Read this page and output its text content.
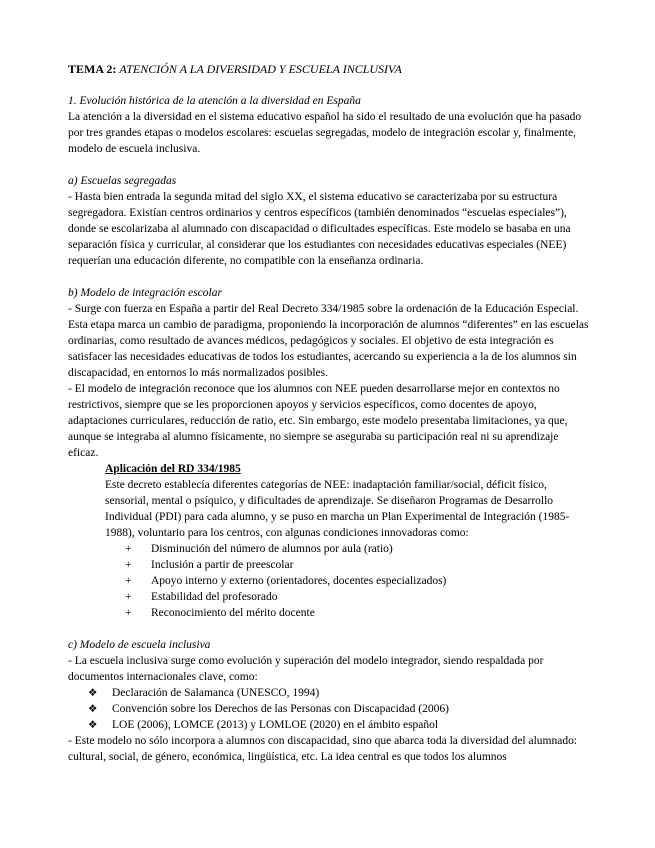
TEMA 2: ATENCIÓN A LA DIVERSIDAD Y ESCUELA INCLUSIVA

1. Evolución histórica de la atención a la diversidad en España

La atención a la diversidad en el sistema educativo español ha sido el resultado de una evolución que ha pasado por tres grandes etapas o modelos escolares: escuelas segregadas, modelo de integración escolar y, finalmente, modelo de escuela inclusiva.

a) Escuelas segregadas

- Hasta bien entrada la segunda mitad del siglo XX, el sistema educativo se caracterizaba por su estructura segregadora. Existían centros ordinarios y centros específicos (también denominados “escuelas especiales”), donde se escolarizaba al alumnado con discapacidad o dificultades específicas. Este modelo se basaba en una separación física y curricular, al considerar que los estudiantes con necesidades educativas especiales (NEE) requerían una educación diferente, no compatible con la enseñanza ordinaria.

b) Modelo de integración escolar

- Surge con fuerza en España a partir del Real Decreto 334/1985 sobre la ordenación de la Educación Especial. Esta etapa marca un cambio de paradigma, proponiendo la incorporación de alumnos “diferentes” en las escuelas ordinarias, como resultado de avances médicos, pedagógicos y sociales. El objetivo de esta integración es satisfacer las necesidades educativas de todos los estudiantes, acercando su experiencia a la de los alumnos sin discapacidad, en entornos lo más normalizados posibles.

- El modelo de integración reconoce que los alumnos con NEE pueden desarrollarse mejor en contextos no restrictivos, siempre que se les proporcionen apoyos y servicios específicos, como docentes de apoyo, adaptaciones curriculares, reducción de ratio, etc. Sin embargo, este modelo presentaba limitaciones, ya que, aunque se integraba al alumno físicamente, no siempre se aseguraba su participación real ni su aprendizaje eficaz.

Aplicación del RD 334/1985

Este decreto establecía diferentes categorías de NEE: inadaptación familiar/social, déficit físico, sensorial, mental o psíquico, y dificultades de aprendizaje. Se diseñaron Programas de Desarrollo Individual (PDI) para cada alumno, y se puso en marcha un Plan Experimental de Integración (1985-1988), voluntario para los centros, con algunas condiciones innovadoras como:

+	Disminución del número de alumnos por aula (ratio)
+	Inclusión a partir de preescolar
+	Apoyo interno y externo (orientadores, docentes especializados)
+	Estabilidad del profesorado
+	Reconocimiento del mérito docente

c) Modelo de escuela inclusiva

- La escuela inclusiva surge como evolución y superación del modelo integrador, siendo respaldada por documentos internacionales clave, como:

❖	Declaración de Salamanca (UNESCO, 1994)
❖	Convención sobre los Derechos de las Personas con Discapacidad (2006)
❖	LOE (2006), LOMCE (2013) y LOMLOE (2020) en el ámbito español

- Este modelo no sólo incorpora a alumnos con discapacidad, sino que abarca toda la diversidad del alumnado: cultural, social, de género, económica, lingüística, etc. La idea central es que todos los alumnos
